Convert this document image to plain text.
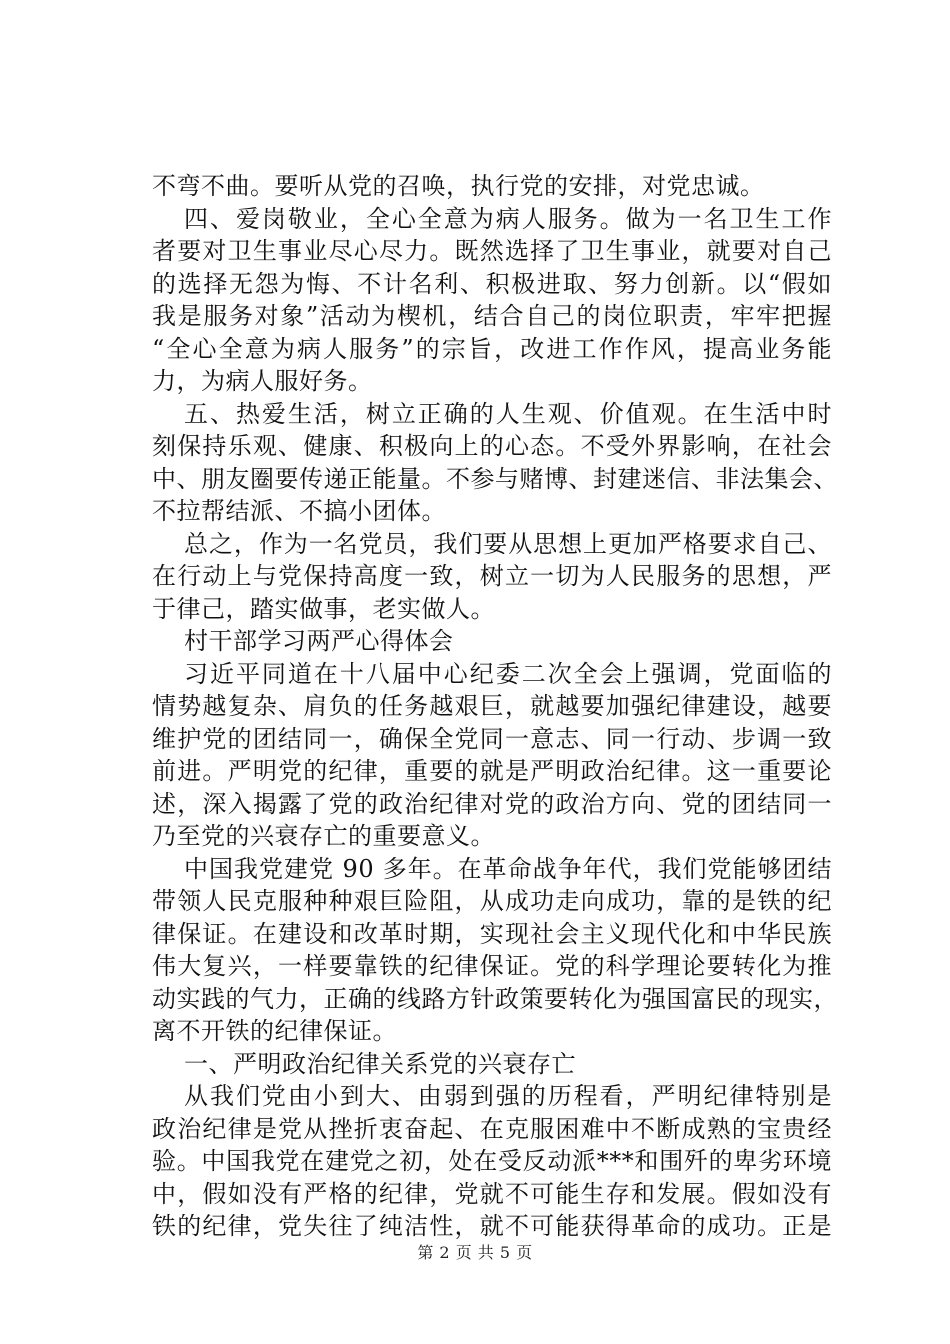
不弯不曲。要听从党的召唤，执行党的安排，对党忠诚。
四、爱岗敬业，全心全意为病人服务。做为一名卫生工作
者要对卫生事业尽心尽力。既然选择了卫生事业，就要对自己
的选择无怨为悔、不计名利、积极进取、努力创新。以“假如
我是服务对象”活动为楔机，结合自己的岗位职责，牢牢把握
“全心全意为病人服务”的宗旨，改进工作作风，提高业务能
力，为病人服好务。
五、热爱生活，树立正确的人生观、价值观。在生活中时
刻保持乐观、健康、积极向上的心态。不受外界影响，在社会
中、朋友圈要传递正能量。不参与赌博、封建迷信、非法集会、
不拉帮结派、不搞小团体。
总之，作为一名党员，我们要从思想上更加严格要求自己、
在行动上与党保持高度一致，树立一切为人民服务的思想，严
于律己，踏实做事，老实做人。
村干部学习两严心得体会
习近平同道在十八届中心纪委二次全会上强调，党面临的
情势越复杂、肩负的任务越艰巨，就越要加强纪律建设，越要
维护党的团结同一，确保全党同一意志、同一行动、步调一致
前进。严明党的纪律，重要的就是严明政治纪律。这一重要论
述，深入揭露了党的政治纪律对党的政治方向、党的团结同一
乃至党的兴衰存亡的重要意义。
中国我党建党 90 多年。在革命战争年代，我们党能够团结
带领人民克服种种艰巨险阻，从成功走向成功，靠的是铁的纪
律保证。在建设和改革时期，实现社会主义现代化和中华民族
伟大复兴，一样要靠铁的纪律保证。党的科学理论要转化为推
动实践的气力，正确的线路方针政策要转化为强国富民的现实，
离不开铁的纪律保证。
一、严明政治纪律关系党的兴衰存亡
从我们党由小到大、由弱到强的历程看，严明纪律特别是
政治纪律是党从挫折衷奋起、在克服困难中不断成熟的宝贵经
验。中国我党在建党之初，处在受反动派***和围歼的卑劣环境
中，假如没有严格的纪律，党就不可能生存和发展。假如没有
铁的纪律，党失往了纯洁性，就不可能获得革命的成功。正是
第 2 页 共 5 页
